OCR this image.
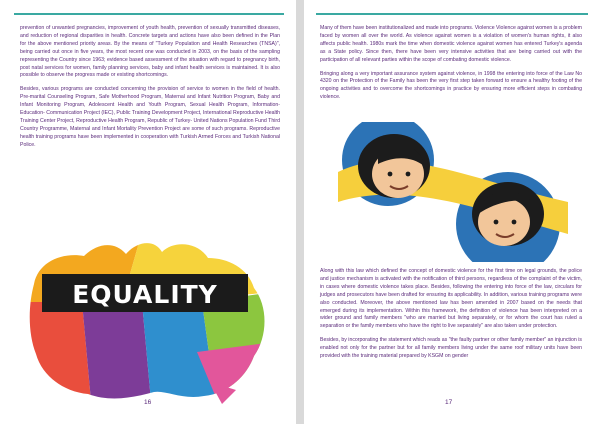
prevention of unwanted pregnancies, improvement of youth health, prevention of sexually transmitted diseases, and reduction of regional disparities in health. Concrete targets and actions have also been defined in the Plan for the above mentioned priority areas. By the means of "Turkey Population and Health Researches (TNSA)", being carried out once in five years, the most recent one was conducted in 2003, on the basis of the sampling representing the Country since 1963; evidence based assessment of the situation with regard to pregnancy birth, post natal services for women, family planning services, baby and infant health services is maintained. It is also possible to observe the progress made or existing shortcomings.

Besides, various programs are conducted concerning the provision of service to women in the field of health. Pre-marital Counseling Program, Safe Motherhood Program, Maternal and Infant Nutrition Program, Baby and Infant Monitoring Program, Adolescent Health and Youth Program, Sexual Health Program, Information- Education- Communication Project (IEC), Public Training Development Project, International Reproductive Health Training Center Project, Reproductive Health Program, Republic of Turkey- United Nations Population Fund Third Country Programme, Maternal and Infant Mortality Prevention Project are some of such programs. Reproductive health training programs have been implemented in cooperation with Turkish Armed Forces and Turkish National Police.

EQUALITY
16

Many of them have been institutionalized and made into programs. Violence Violence against women is a problem faced by women all over the world. As violence against women is a violation of women's human rights, it also affects public health. 1980s mark the time when domestic violence against women has entered Turkey's agenda as a State policy. Since then, there have been very intensive activities that are being carried out with the participation of all relevant parties within the scope of combating domestic violence.

Bringing along a very important assurance system against violence, in 1998 the entering into force of the Law No 4320 on the Protection of the Family has been the very first step taken forward to ensure a healthy footing of the ongoing activities and to overcome the shortcomings in practice by ensuring more efficient steps in combating violence.

Along with this law which defined the concept of domestic violence for the first time on legal grounds, the police and justice mechanism is activated with the notification of third persons, regardless of the complaint of the victim, in cases where domestic violence takes place. Besides, following the entering into force of the law, circulars for judges and prosecutors have been drafted for ensuring its applicability. In addition, various training programs were also conducted. Moreover, the above mentioned law has been amended in 2007 based on the needs that emerged during its implementation. Within this framework, the definition of violence has been interpreted on a wider ground and family members "who are married but living separately, or for whom the court has ruled a separation or the family members who have the right to live separately" are also taken under protection.

Besides, by incorporating the statement which reads as "the faulty partner or other family member" an injunction is enabled not only for the partner but for all family members living under the same roof military units have been provided with the training material prepared by KSGM on gender

17
